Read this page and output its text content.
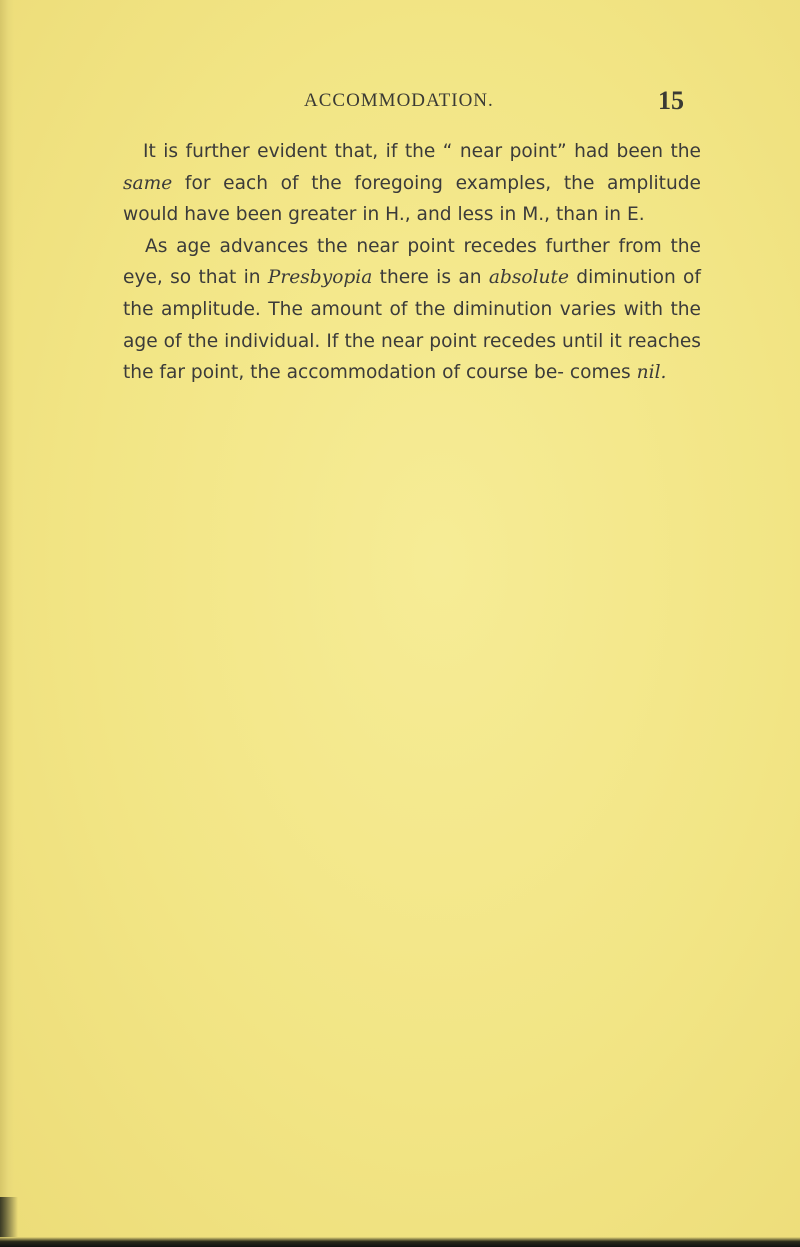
ACCOMMODATION.	15

It is further evident that, if the “ near point” had been the same for each of the foregoing examples, the amplitude would have been greater in H., and less in M., than in E.

As age advances the near point recedes further from the eye, so that in Presbyopia there is an absolute diminution of the amplitude. The amount of the diminution varies with the age of the individual. If the near point recedes until it reaches the far point, the accommodation of course be- comes nil.
